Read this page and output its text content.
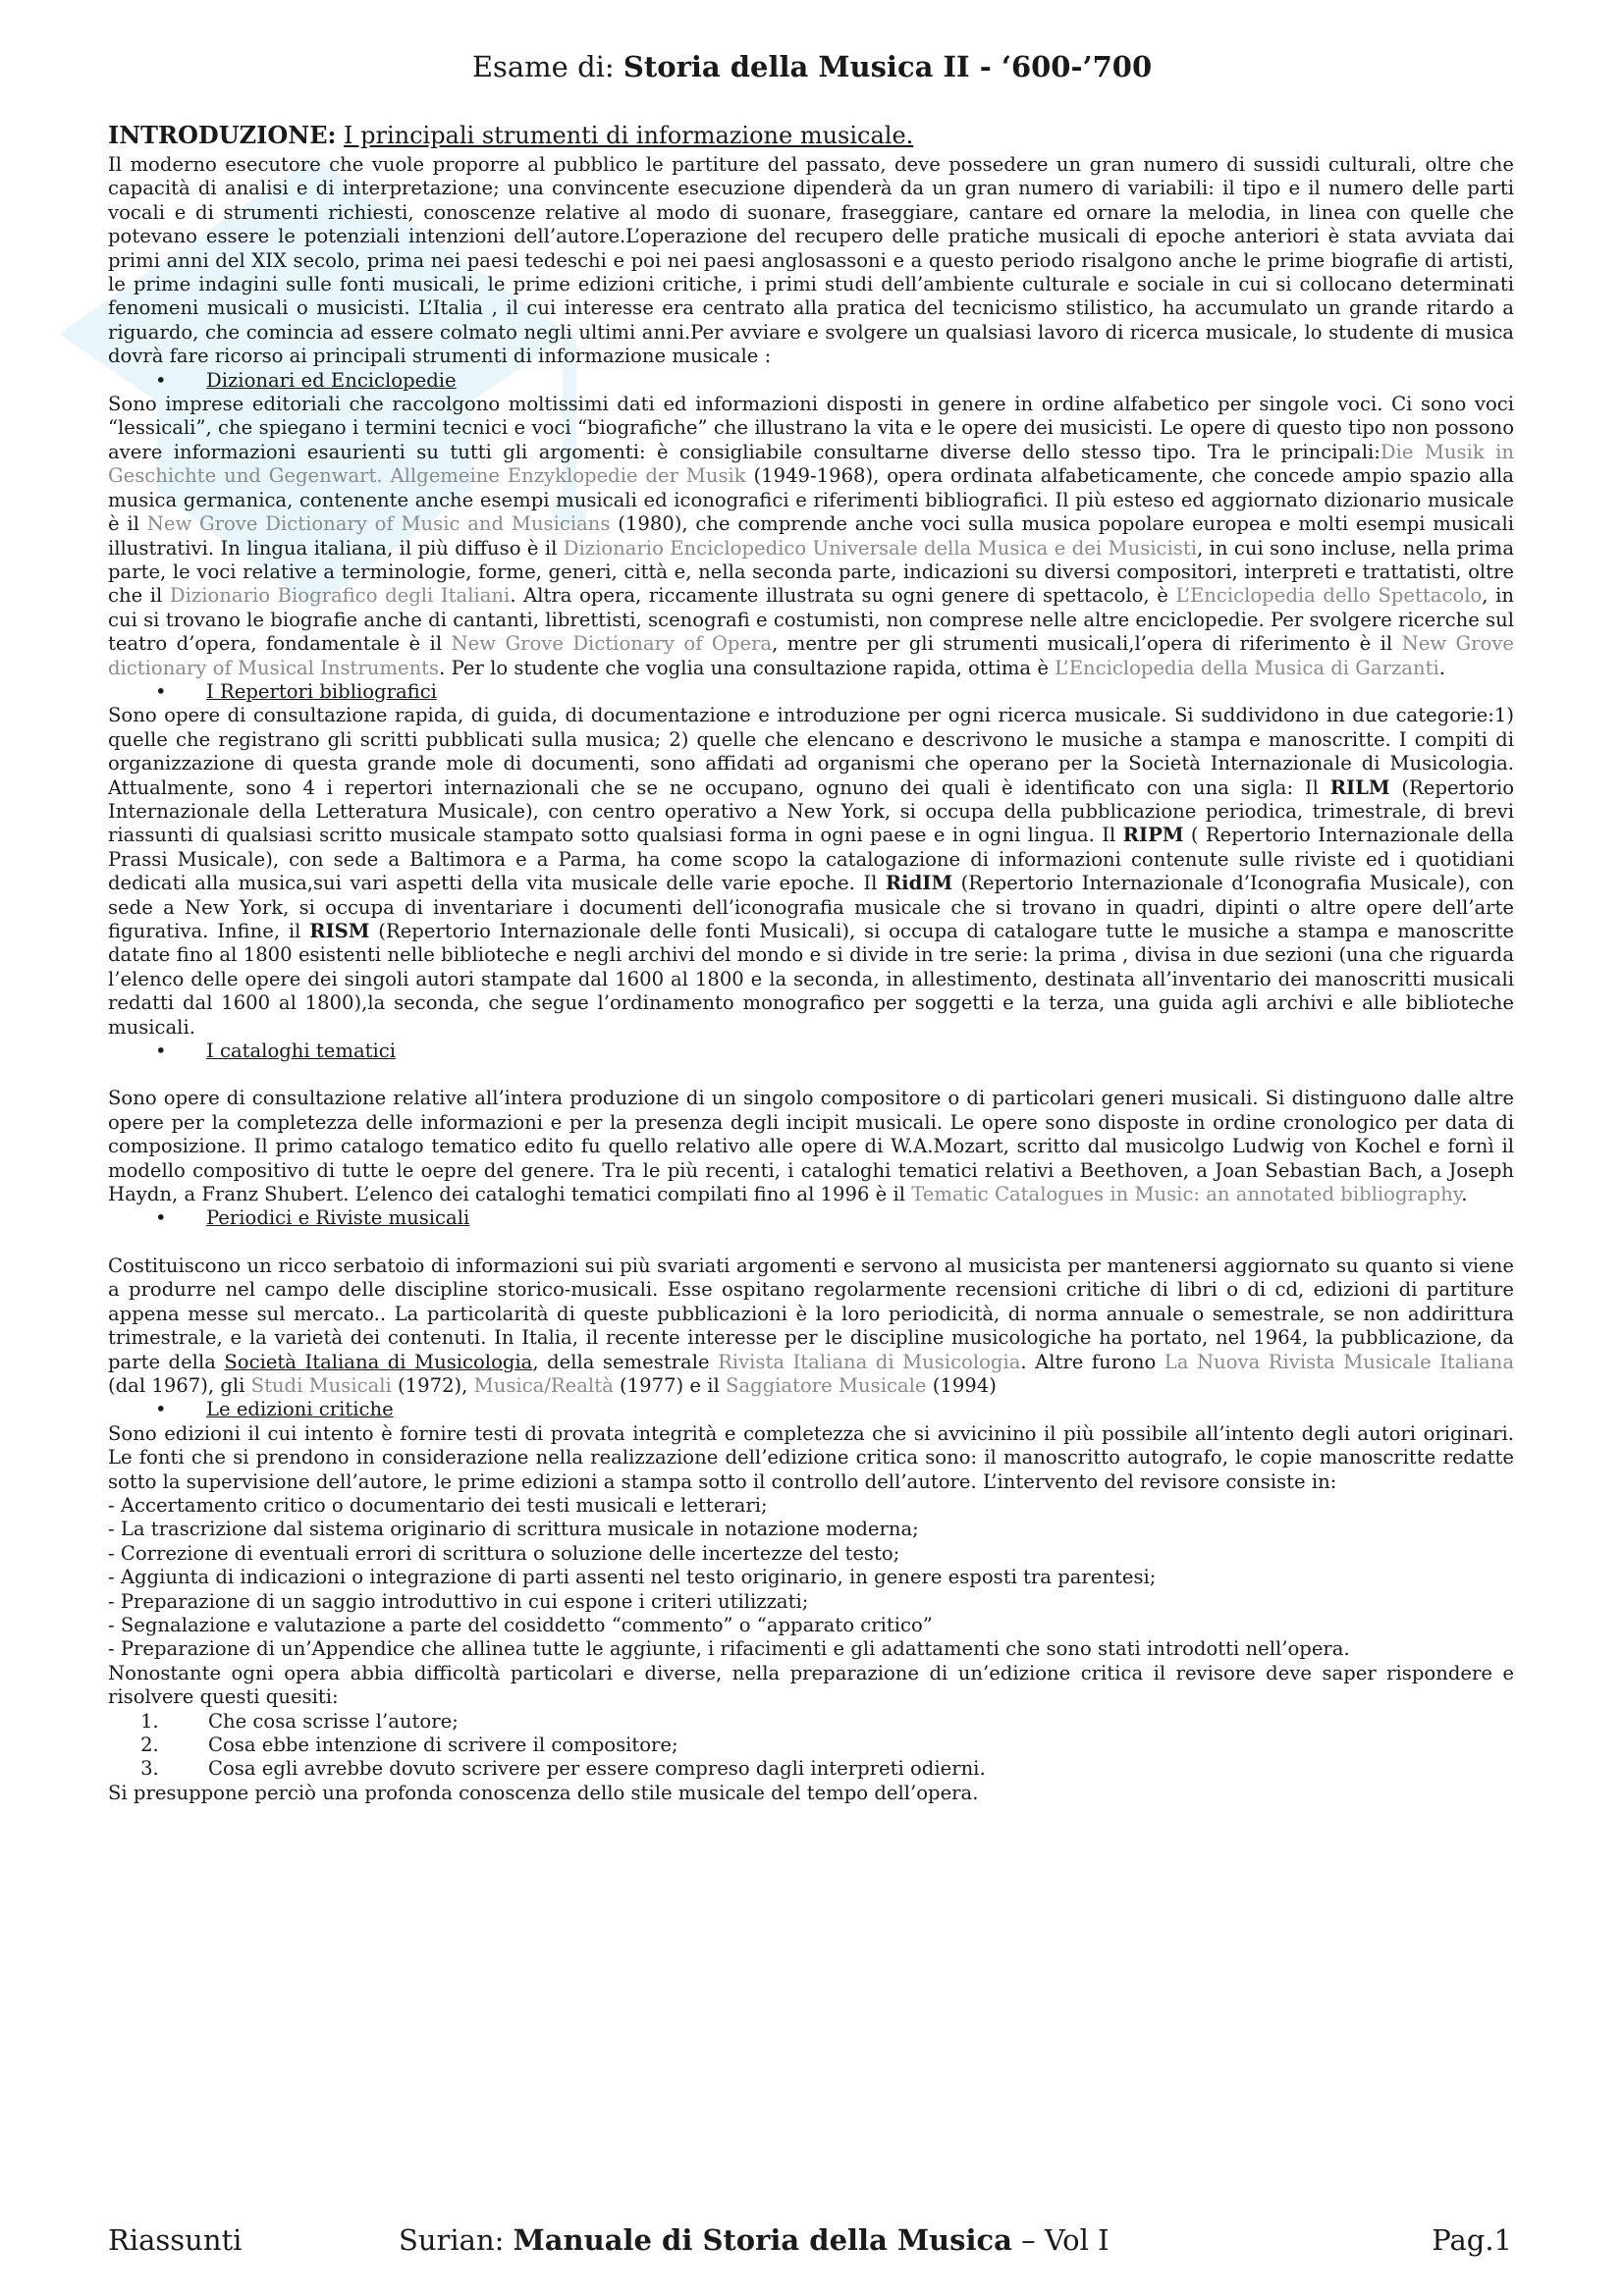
Esame di: Storia della Musica II - ‘600-’700

INTRODUZIONE: I principali strumenti di informazione musicale.

Il moderno esecutore che vuole proporre al pubblico le partiture del passato, deve possedere un gran numero di sussidi culturali, oltre che capacità di analisi e di interpretazione; una convincente esecuzione dipenderà da un gran numero di variabili: il tipo e il numero delle parti vocali e di strumenti richiesti, conoscenze relative al modo di suonare, fraseggiare, cantare ed ornare la melodia, in linea con quelle che potevano essere le potenziali intenzioni dell’autore.L’operazione del recupero delle pratiche musicali di epoche anteriori è stata avviata dai primi anni del XIX secolo, prima nei paesi tedeschi e poi nei paesi anglosassoni e a questo periodo risalgono anche le prime biografie di artisti, le prime indagini sulle fonti musicali, le prime edizioni critiche, i primi studi dell’ambiente culturale e sociale in cui si collocano determinati fenomeni musicali o musicisti. L’Italia , il cui interesse era centrato alla pratica del tecnicismo stilistico, ha accumulato un grande ritardo a riguardo, che comincia ad essere colmato negli ultimi anni.Per avviare e svolgere un qualsiasi lavoro di ricerca musicale, lo studente di musica dovrà fare ricorso ai principali strumenti di informazione musicale :

• Dizionari ed Enciclopedie

Sono imprese editoriali che raccolgono moltissimi dati ed informazioni disposti in genere in ordine alfabetico per singole voci. Ci sono voci “lessicali”, che spiegano i termini tecnici e voci “biografiche” che illustrano la vita e le opere dei musicisti. Le opere di questo tipo non possono avere informazioni esaurienti su tutti gli argomenti: è consigliabile consultarne diverse dello stesso tipo. Tra le principali:Die Musik in Geschichte und Gegenwart. Allgemeine Enzyklopedie der Musik (1949-1968), opera ordinata alfabeticamente, che concede ampio spazio alla musica germanica, contenente anche esempi musicali ed iconografici e riferimenti bibliografici. Il più esteso ed aggiornato dizionario musicale è il New Grove Dictionary of Music and Musicians (1980), che comprende anche voci sulla musica popolare europea e molti esempi musicali illustrativi. In lingua italiana, il più diffuso è il Dizionario Enciclopedico Universale della Musica e dei Musicisti, in cui sono incluse, nella prima parte, le voci relative a terminologie, forme, generi, città e, nella seconda parte, indicazioni su diversi compositori, interpreti e trattatisti, oltre che il Dizionario Biografico degli Italiani. Altra opera, riccamente illustrata su ogni genere di spettacolo, è L’Enciclopedia dello Spettacolo, in cui si trovano le biografie anche di cantanti, librettisti, scenografi e costumisti, non comprese nelle altre enciclopedie. Per svolgere ricerche sul teatro d’opera, fondamentale è il New Grove Dictionary of Opera, mentre per gli strumenti musicali,l’opera di riferimento è il New Grove dictionary of Musical Instruments. Per lo studente che voglia una consultazione rapida, ottima è L’Enciclopedia della Musica di Garzanti.

• I Repertori bibliografici

Sono opere di consultazione rapida, di guida, di documentazione e introduzione per ogni ricerca musicale. Si suddividono in due categorie:1) quelle che registrano gli scritti pubblicati sulla musica; 2) quelle che elencano e descrivono le musiche a stampa e manoscritte. I compiti di organizzazione di questa grande mole di documenti, sono affidati ad organismi che operano per la Società Internazionale di Musicologia. Attualmente, sono 4 i repertori internazionali che se ne occupano, ognuno dei quali è identificato con una sigla: Il RILM (Repertorio Internazionale della Letteratura Musicale), con centro operativo a New York, si occupa della pubblicazione periodica, trimestrale, di brevi riassunti di qualsiasi scritto musicale stampato sotto qualsiasi forma in ogni paese e in ogni lingua. Il RIPM ( Repertorio Internazionale della Prassi Musicale), con sede a Baltimora e a Parma, ha come scopo la catalogazione di informazioni contenute sulle riviste ed i quotidiani dedicati alla musica,sui vari aspetti della vita musicale delle varie epoche. Il RidIM (Repertorio Internazionale d’Iconografia Musicale), con sede a New York, si occupa di inventariare i documenti dell’iconografia musicale che si trovano in quadri, dipinti o altre opere dell’arte figurativa. Infine, il RISM (Repertorio Internazionale delle fonti Musicali), si occupa di catalogare tutte le musiche a stampa e manoscritte datate fino al 1800 esistenti nelle biblioteche e negli archivi del mondo e si divide in tre serie: la prima , divisa in due sezioni (una che riguarda l’elenco delle opere dei singoli autori stampate dal 1600 al 1800 e la seconda, in allestimento, destinata all’inventario dei manoscritti musicali redatti dal 1600 al 1800),la seconda, che segue l’ordinamento monografico per soggetti e la terza, una guida agli archivi e alle biblioteche musicali.

• I cataloghi tematici

Sono opere di consultazione relative all’intera produzione di un singolo compositore o di particolari generi musicali. Si distinguono dalle altre opere per la completezza delle informazioni e per la presenza degli incipit musicali. Le opere sono disposte in ordine cronologico per data di composizione. Il primo catalogo tematico edito fu quello relativo alle opere di W.A.Mozart, scritto dal musicolgo Ludwig von Kochel e fornì il modello compositivo di tutte le oepre del genere. Tra le più recenti, i cataloghi tematici relativi a Beethoven, a Joan Sebastian Bach, a Joseph Haydn, a Franz Shubert. L’elenco dei cataloghi tematici compilati fino al 1996 è il Tematic Catalogues in Music: an annotated bibliography.

• Periodici e Riviste musicali

Costituiscono un ricco serbatoio di informazioni sui più svariati argomenti e servono al musicista per mantenersi aggiornato su quanto si viene a produrre nel campo delle discipline storico-musicali. Esse ospitano regolarmente recensioni critiche di libri o di cd, edizioni di partiture appena messe sul mercato.. La particolarità di queste pubblicazioni è la loro periodicità, di norma annuale o semestrale, se non addirittura trimestrale, e la varietà dei contenuti. In Italia, il recente interesse per le discipline musicologiche ha portato, nel 1964, la pubblicazione, da parte della Società Italiana di Musicologia, della semestrale Rivista Italiana di Musicologia. Altre furono La Nuova Rivista Musicale Italiana (dal 1967), gli Studi Musicali (1972), Musica/Realtà (1977) e il Saggiatore Musicale (1994)

• Le edizioni critiche

Sono edizioni il cui intento è fornire testi di provata integrità e completezza che si avvicinino il più possibile all’intento degli autori originari. Le fonti che si prendono in considerazione nella realizzazione dell’edizione critica sono: il manoscritto autografo, le copie manoscritte redatte sotto la supervisione dell’autore, le prime edizioni a stampa sotto il controllo dell’autore. L’intervento del revisore consiste in:

- Accertamento critico o documentario dei testi musicali e letterari;

- La trascrizione dal sistema originario di scrittura musicale in notazione moderna;

- Correzione di eventuali errori di scrittura o soluzione delle incertezze del testo;

- Aggiunta di indicazioni o integrazione di parti assenti nel testo originario, in genere esposti tra parentesi;

- Preparazione di un saggio introduttivo in cui espone i criteri utilizzati;

- Segnalazione e valutazione a parte del cosiddetto “commento” o “apparato critico”

- Preparazione di un’Appendice che allinea tutte le aggiunte, i rifacimenti e gli adattamenti che sono stati introdotti nell’opera.

Nonostante ogni opera abbia difficoltà particolari e diverse, nella preparazione di un’edizione critica il revisore deve saper rispondere e risolvere questi quesiti:

1. Che cosa scrisse l’autore;
2. Cosa ebbe intenzione di scrivere il compositore;
3. Cosa egli avrebbe dovuto scrivere per essere compreso dagli interpreti odierni.

Si presuppone perciò una profonda conoscenza dello stile musicale del tempo dell’opera.

Riassunti	Surian: Manuale di Storia della Musica – Vol I	Pag.1
